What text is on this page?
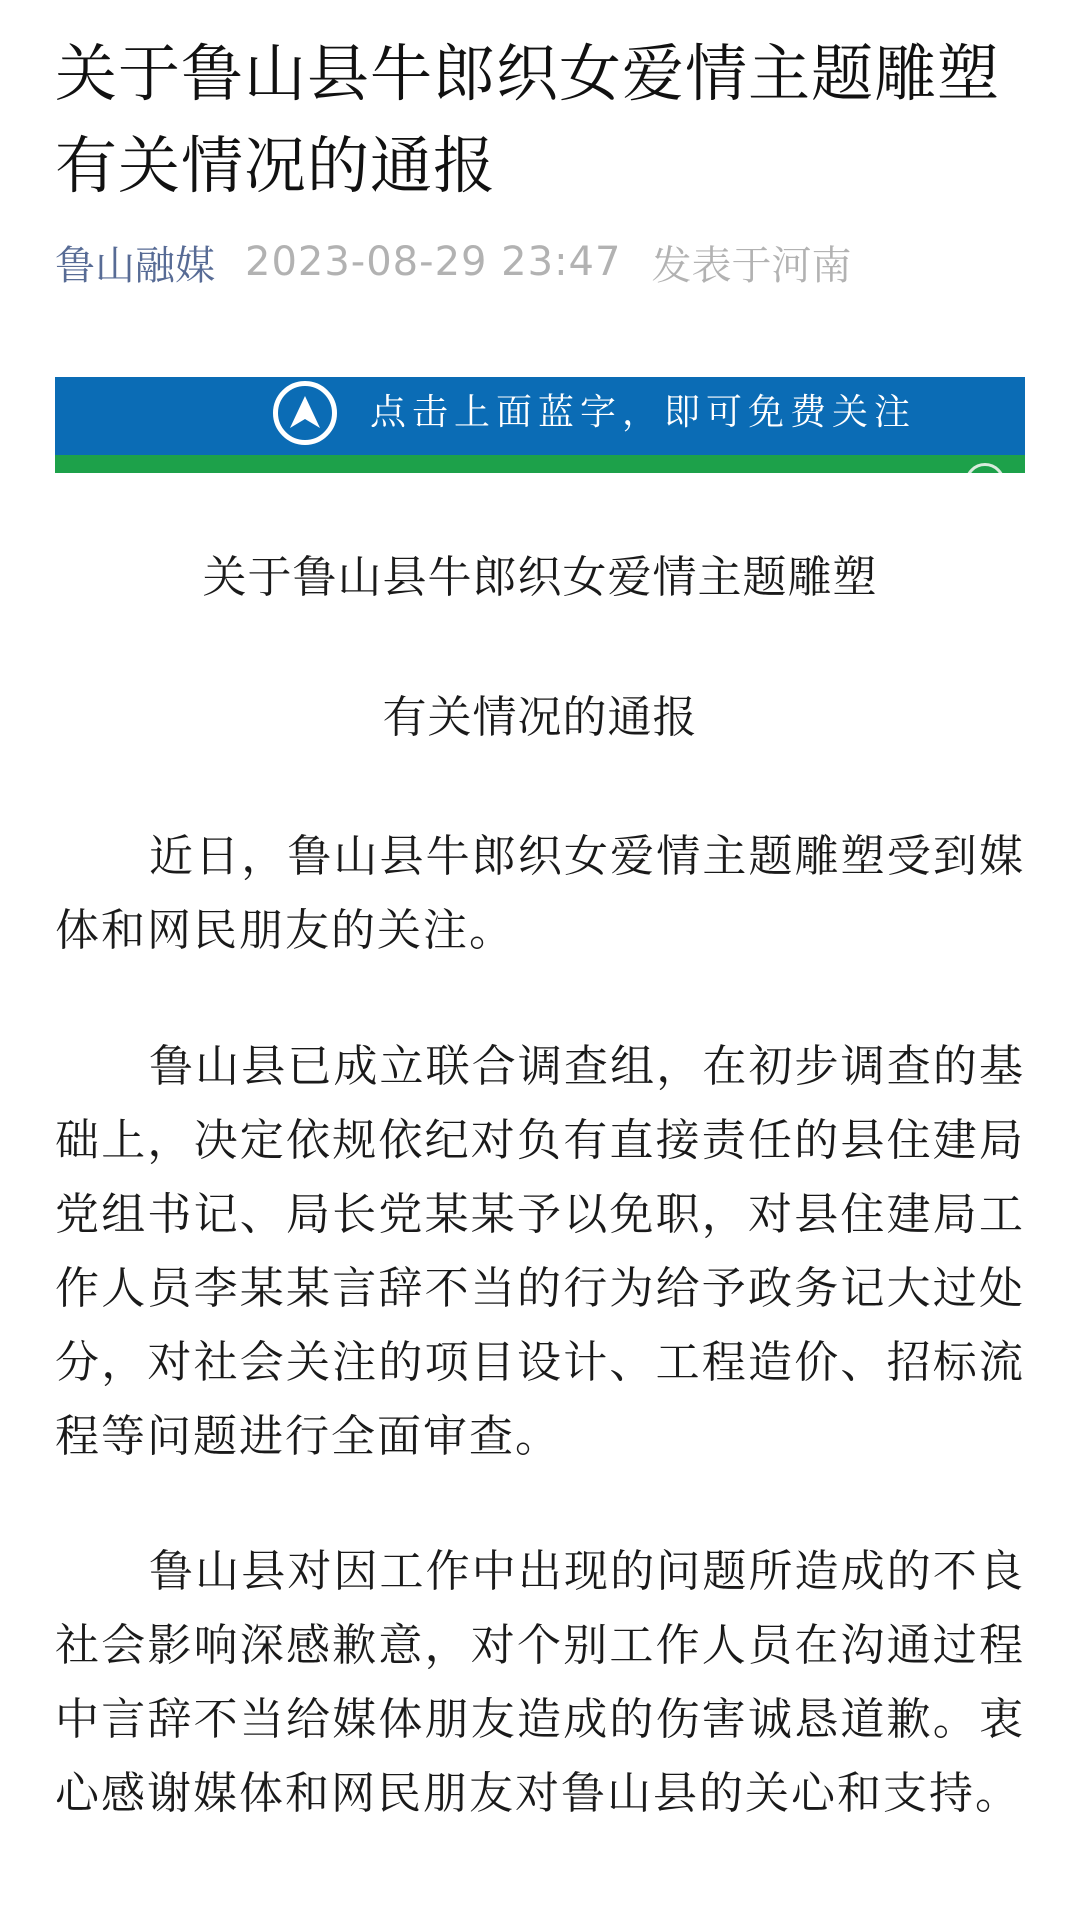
关于鲁山县牛郎织女爱情主题雕塑有关情况的通报
鲁山融媒 2023-08-29 23:47 发表于河南
点击上面蓝字，即可免费关注

关于鲁山县牛郎织女爱情主题雕塑

有关情况的通报

近日，鲁山县牛郎织女爱情主题雕塑受到媒体和网民朋友的关注。

鲁山县已成立联合调查组，在初步调查的基础上，决定依规依纪对负有直接责任的县住建局党组书记、局长党某某予以免职，对县住建局工作人员李某某言辞不当的行为给予政务记大过处分，对社会关注的项目设计、工程造价、招标流程等问题进行全面审查。

鲁山县对因工作中出现的问题所造成的不良社会影响深感歉意，对个别工作人员在沟通过程中言辞不当给媒体朋友造成的伤害诚恳道歉。衷心感谢媒体和网民朋友对鲁山县的关心和支持。
